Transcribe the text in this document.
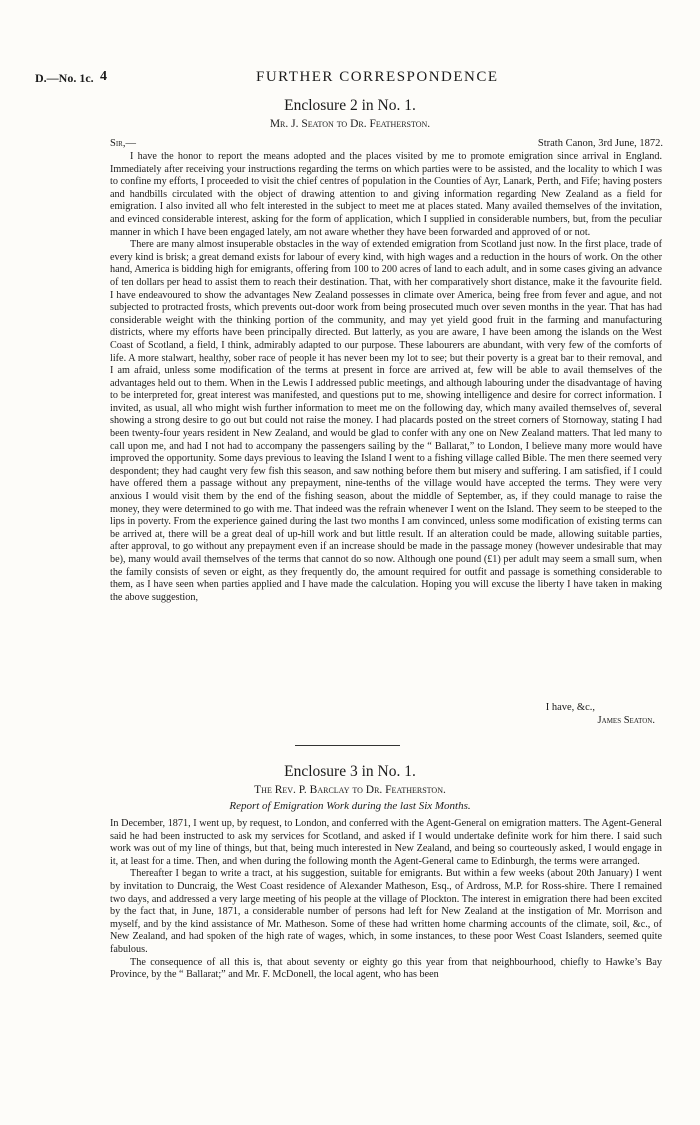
D.—No. 1c. 4	FURTHER CORRESPONDENCE
Enclosure 2 in No. 1.
Mr. J. Seaton to Dr. Featherston.
Sir,—	Strath Canon, 3rd June, 1872.

I have the honor to report the means adopted and the places visited by me to promote emigration since arrival in England. Immediately after receiving your instructions regarding the terms on which parties were to be assisted, and the locality to which I was to confine my efforts, I proceeded to visit the chief centres of population in the Counties of Ayr, Lanark, Perth, and Fife; having posters and handbills circulated with the object of drawing attention to and giving information regarding New Zealand as a field for emigration. I also invited all who felt interested in the subject to meet me at places stated. Many availed themselves of the invitation, and evinced considerable interest, asking for the form of application, which I supplied in considerable numbers, but, from the peculiar manner in which I have been engaged lately, am not aware whether they have been forwarded and approved of or not.

There are many almost insuperable obstacles in the way of extended emigration from Scotland just now. In the first place, trade of every kind is brisk; a great demand exists for labour of every kind, with high wages and a reduction in the hours of work. On the other hand, America is bidding high for emigrants, offering from 100 to 200 acres of land to each adult, and in some cases giving an advance of ten dollars per head to assist them to reach their destination. That, with her comparatively short distance, make it the favourite field. I have endeavoured to show the advantages New Zealand possesses in climate over America, being free from fever and ague, and not subjected to protracted frosts, which prevents out-door work from being prosecuted much over seven months in the year. That has had considerable weight with the thinking portion of the community, and may yet yield good fruit in the farming and manufacturing districts, where my efforts have been principally directed. But latterly, as you are aware, I have been among the islands on the West Coast of Scotland, a field, I think, admirably adapted to our purpose. These labourers are abundant, with very few of the comforts of life. A more stalwart, healthy, sober race of people it has never been my lot to see; but their poverty is a great bar to their removal, and I am afraid, unless some modification of the terms at present in force are arrived at, few will be able to avail themselves of the advantages held out to them. When in the Lewis I addressed public meetings, and although labouring under the disadvantage of having to be interpreted for, great interest was manifested, and questions put to me, showing intelligence and desire for correct information. I invited, as usual, all who might wish further information to meet me on the following day, which many availed themselves of, several showing a strong desire to go out but could not raise the money. I had placards posted on the street corners of Stornoway, stating I had been twenty-four years resident in New Zealand, and would be glad to confer with any one on New Zealand matters. That led many to call upon me, and had I not had to accompany the passengers sailing by the “ Ballarat,” to London, I believe many more would have improved the opportunity. Some days previous to leaving the Island I went to a fishing village called Bible. The men there seemed very despondent; they had caught very few fish this season, and saw nothing before them but misery and suffering. I am satisfied, if I could have offered them a passage without any prepayment, nine-tenths of the village would have accepted the terms. They were very anxious I would visit them by the end of the fishing season, about the middle of September, as, if they could manage to raise the money, they were determined to go with me. That indeed was the refrain whenever I went on the Island. They seem to be steeped to the lips in poverty. From the experience gained during the last two months I am convinced, unless some modification of existing terms can be arrived at, there will be a great deal of up-hill work and but little result. If an alteration could be made, allowing suitable parties, after approval, to go without any prepayment even if an increase should be made in the passage money (however undesirable that may be), many would avail themselves of the terms that cannot do so now. Although one pound (£1) per adult may seem a small sum, when the family consists of seven or eight, as they frequently do, the amount required for outfit and passage is something considerable to them, as I have seen when parties applied and I have made the calculation. Hoping you will excuse the liberty I have taken in making the above suggestion,

I have, &c.,
James Seaton.
Enclosure 3 in No. 1.
The Rev. P. Barclay to Dr. Featherston.
Report of Emigration Work during the last Six Months.

In December, 1871, I went up, by request, to London, and conferred with the Agent-General on emigration matters. The Agent-General said he had been instructed to ask my services for Scotland, and asked if I would undertake definite work for him there. I said such work was out of my line of things, but that, being much interested in New Zealand, and being so courteously asked, I would engage in it, at least for a time. Then, and when during the following month the Agent-General came to Edinburgh, the terms were arranged.

Thereafter I began to write a tract, at his suggestion, suitable for emigrants. But within a few weeks (about 20th January) I went by invitation to Duncraig, the West Coast residence of Alexander Matheson, Esq., of Ardross, M.P. for Ross-shire. There I remained two days, and addressed a very large meeting of his people at the village of Plockton. The interest in emigration there had been excited by the fact that, in June, 1871, a considerable number of persons had left for New Zealand at the instigation of Mr. Morrison and myself, and by the kind assistance of Mr. Matheson. Some of these had written home charming accounts of the climate, soil, &c., of New Zealand, and had spoken of the high rate of wages, which, in some instances, to these poor West Coast Islanders, seemed quite fabulous.

The consequence of all this is, that about seventy or eighty go this year from that neighbourhood, chiefly to Hawke’s Bay Province, by the “ Ballarat;” and Mr. F. McDonell, the local agent, who has been
